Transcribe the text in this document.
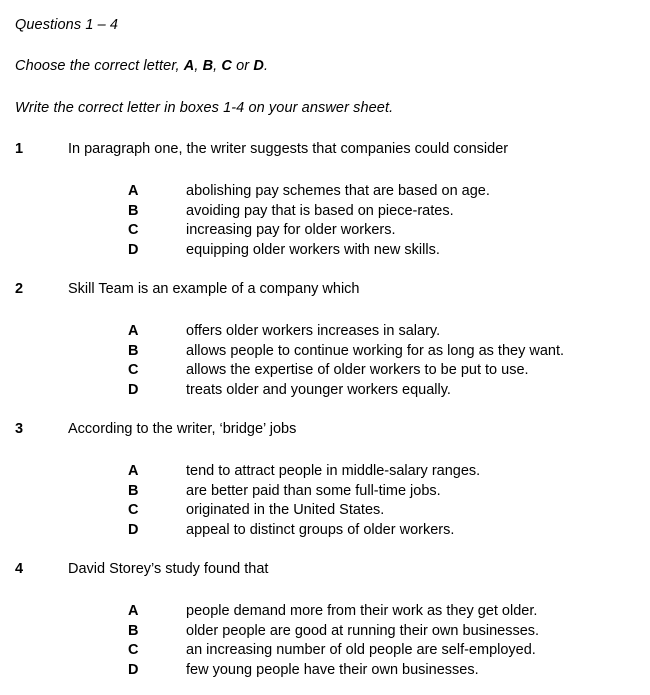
Questions 1 – 4
Choose the correct letter, A, B, C or D.
Write the correct letter in boxes 1-4 on your answer sheet.
1	In paragraph one, the writer suggests that companies could consider
A	abolishing pay schemes that are based on age.
B	avoiding pay that is based on piece-rates.
C	increasing pay for older workers.
D	equipping older workers with new skills.
2	Skill Team is an example of a company which
A	offers older workers increases in salary.
B	allows people to continue working for as long as they want.
C	allows the expertise of older workers to be put to use.
D	treats older and younger workers equally.
3	According to the writer, ‘bridge’ jobs
A	tend to attract people in middle-salary ranges.
B	are better paid than some full-time jobs.
C	originated in the United States.
D	appeal to distinct groups of older workers.
4	David Storey’s study found that
A	people demand more from their work as they get older.
B	older people are good at running their own businesses.
C	an increasing number of old people are self-employed.
D	few young people have their own businesses.
